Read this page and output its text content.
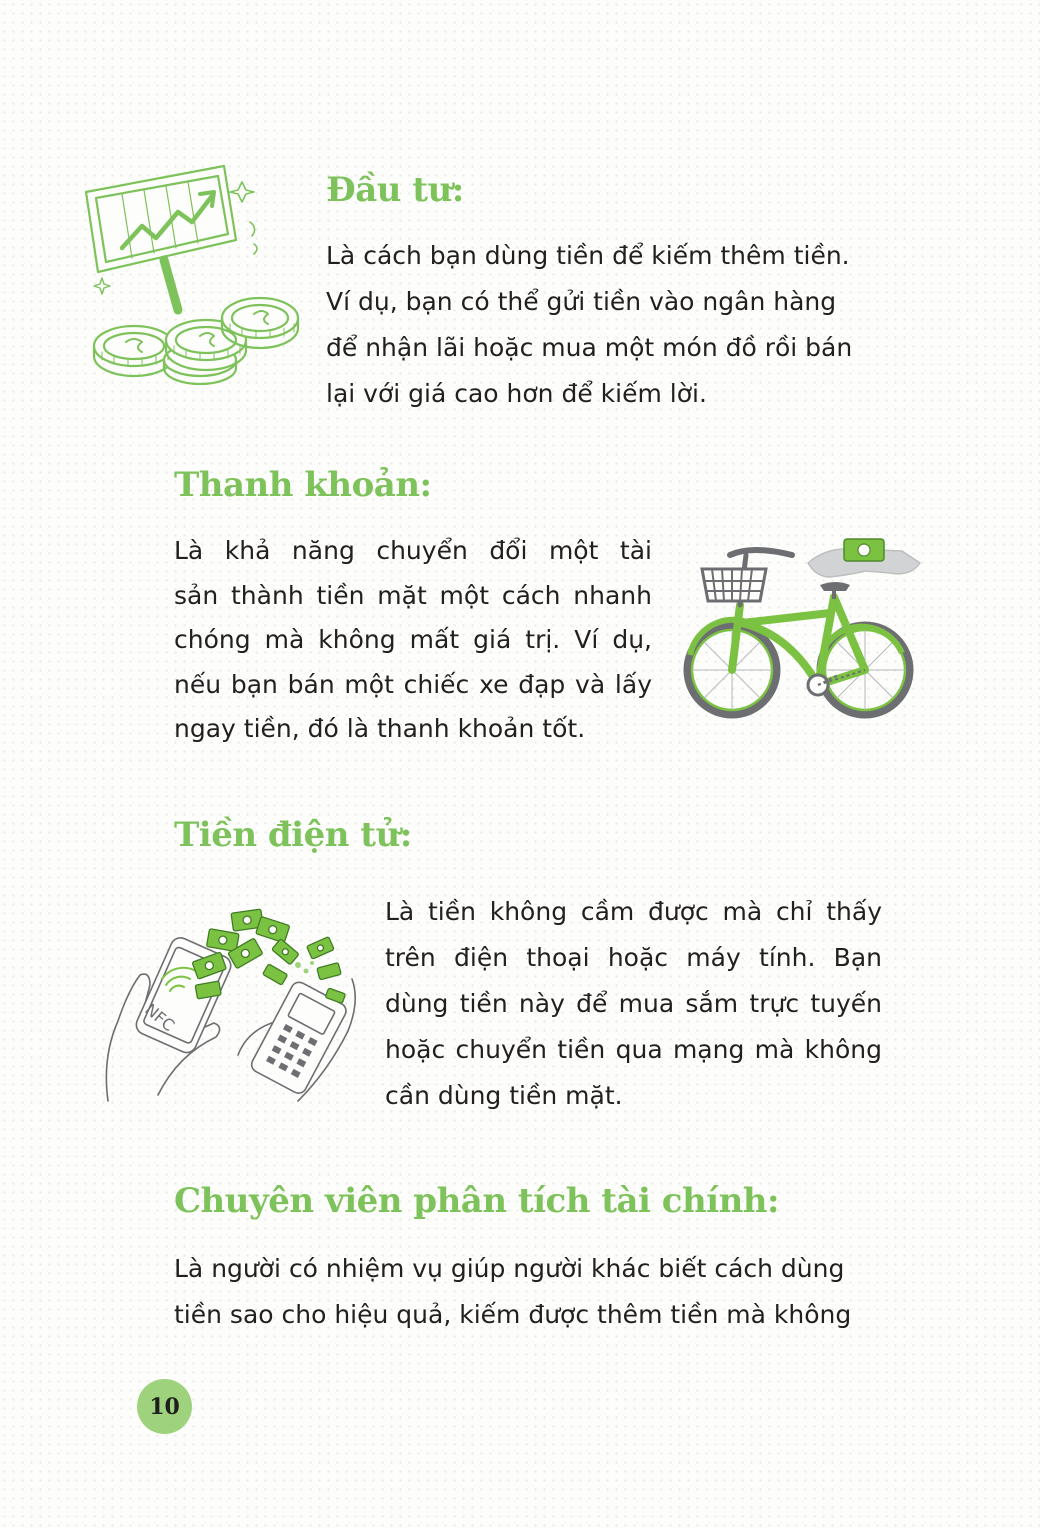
Đầu tư:

Là cách bạn dùng tiền để kiếm thêm tiền.
Ví dụ, bạn có thể gửi tiền vào ngân hàng
để nhận lãi hoặc mua một món đồ rồi bán
lại với giá cao hơn để kiếm lời.

Thanh khoản:

Là khả năng chuyển đổi một tài
sản thành tiền mặt một cách nhanh
chóng mà không mất giá trị. Ví dụ,
nếu bạn bán một chiếc xe đạp và lấy
ngay tiền, đó là thanh khoản tốt.

Tiền điện tử:
NFC

Là tiền không cầm được mà chỉ thấy
trên điện thoại hoặc máy tính. Bạn
dùng tiền này để mua sắm trực tuyến
hoặc chuyển tiền qua mạng mà không
cần dùng tiền mặt.

Chuyên viên phân tích tài chính:

Là người có nhiệm vụ giúp người khác biết cách dùng
tiền sao cho hiệu quả, kiếm được thêm tiền mà không

10
